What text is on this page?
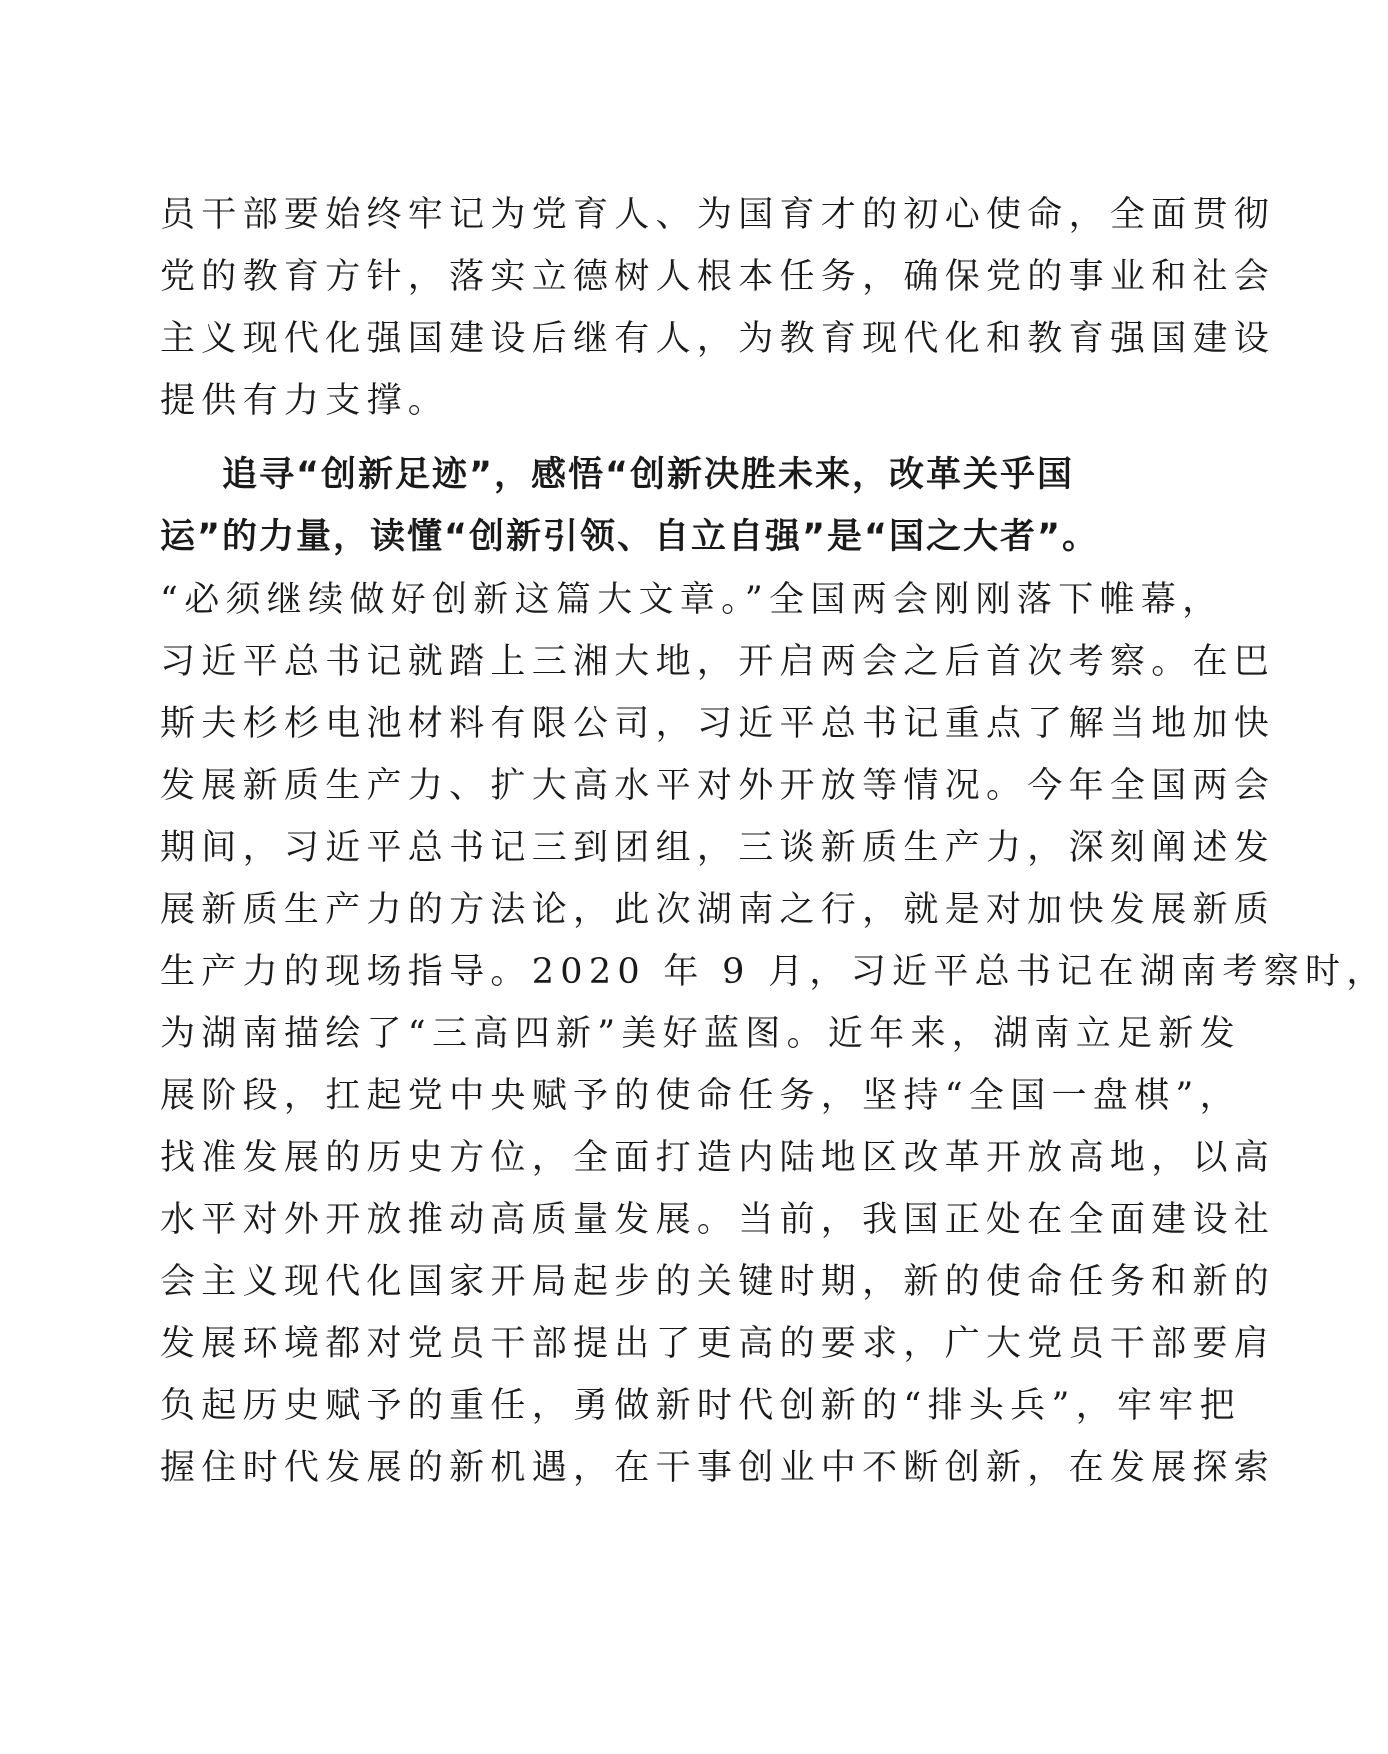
员干部要始终牢记为党育人、为国育才的初心使命，全面贯彻
党的教育方针，落实立德树人根本任务，确保党的事业和社会
主义现代化强国建设后继有人，为教育现代化和教育强国建设
提供有力支撑。
追寻“创新足迹”，感悟“创新决胜未来，改革关乎国
运”的力量，读懂“创新引领、自立自强”是“国之大者”。
“必须继续做好创新这篇大文章。”全国两会刚刚落下帷幕，
习近平总书记就踏上三湘大地，开启两会之后首次考察。在巴
斯夫杉杉电池材料有限公司，习近平总书记重点了解当地加快
发展新质生产力、扩大高水平对外开放等情况。今年全国两会
期间，习近平总书记三到团组，三谈新质生产力，深刻阐述发
展新质生产力的方法论，此次湖南之行，就是对加快发展新质
生产力的现场指导。2020 年 9 月，习近平总书记在湖南考察时，
为湖南描绘了“三高四新”美好蓝图。近年来，湖南立足新发
展阶段，扛起党中央赋予的使命任务，坚持“全国一盘棋”，
找准发展的历史方位，全面打造内陆地区改革开放高地，以高
水平对外开放推动高质量发展。当前，我国正处在全面建设社
会主义现代化国家开局起步的关键时期，新的使命任务和新的
发展环境都对党员干部提出了更高的要求，广大党员干部要肩
负起历史赋予的重任，勇做新时代创新的“排头兵”，牢牢把
握住时代发展的新机遇，在干事创业中不断创新，在发展探索
